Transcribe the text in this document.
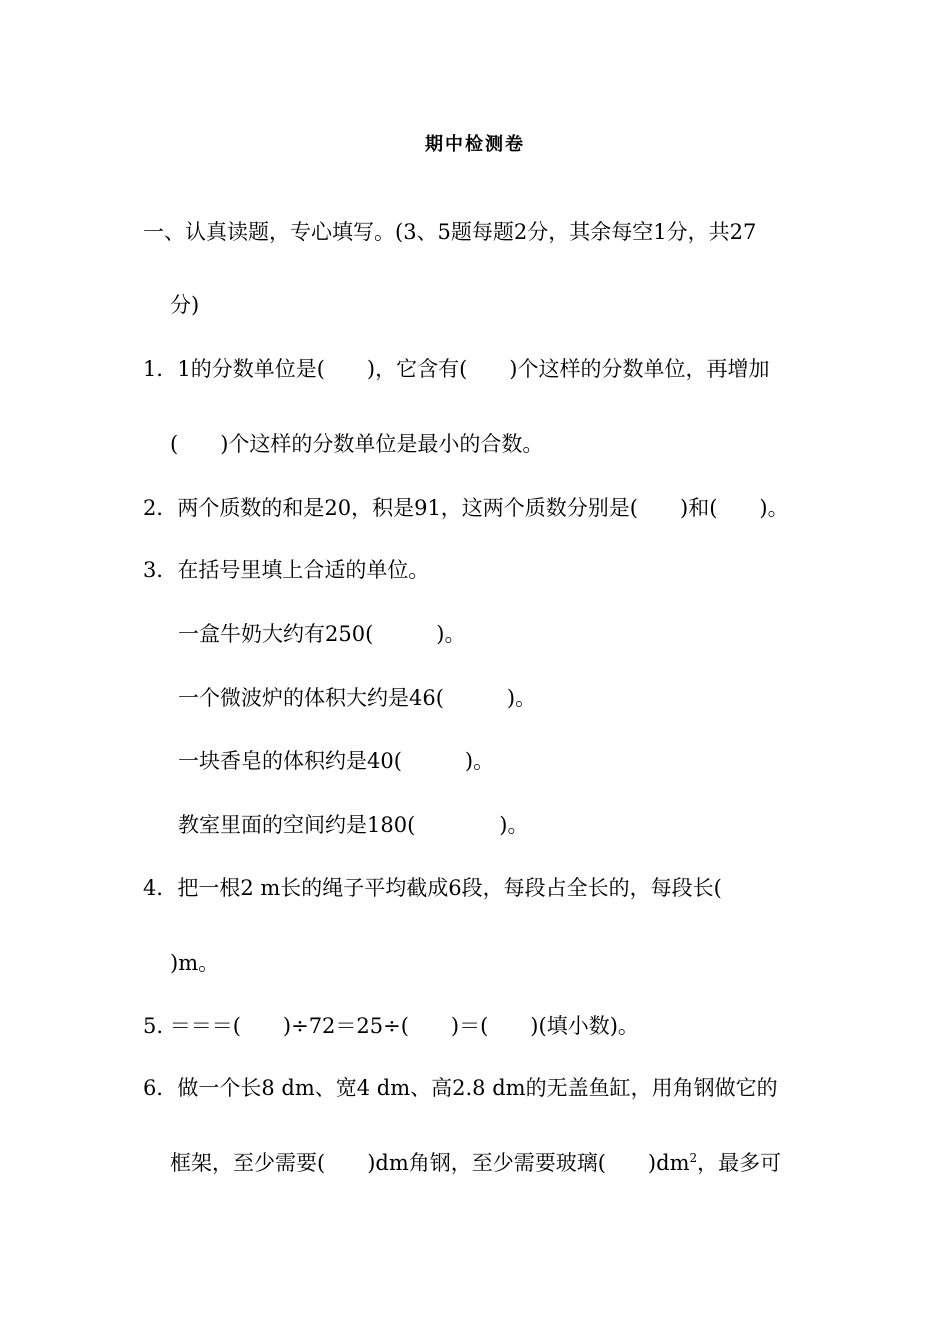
期中检测卷
一、认真读题，专心填写。(3、5题每题2分，其余每空1分，共27
分)
1．1的分数单位是(　　)，它含有(　　)个这样的分数单位，再增加
(　　)个这样的分数单位是最小的合数。
2．两个质数的和是20，积是91，这两个质数分别是(　　)和(　　)。
3．在括号里填上合适的单位。
一盒牛奶大约有250(　　　)。
一个微波炉的体积大约是46(　　　)。
一块香皂的体积约是40(　　　)。
教室里面的空间约是180(　　　　)。
4．把一根2 m长的绳子平均截成6段，每段占全长的，每段长(
)m。
5. ＝＝＝(　　)÷72＝25÷(　　)＝(　　)(填小数)。
6．做一个长8 dm、宽4 dm、高2.8 dm的无盖鱼缸，用角钢做它的
框架，至少需要(　　)dm角钢，至少需要玻璃(　　)$dm^2$，最多可
